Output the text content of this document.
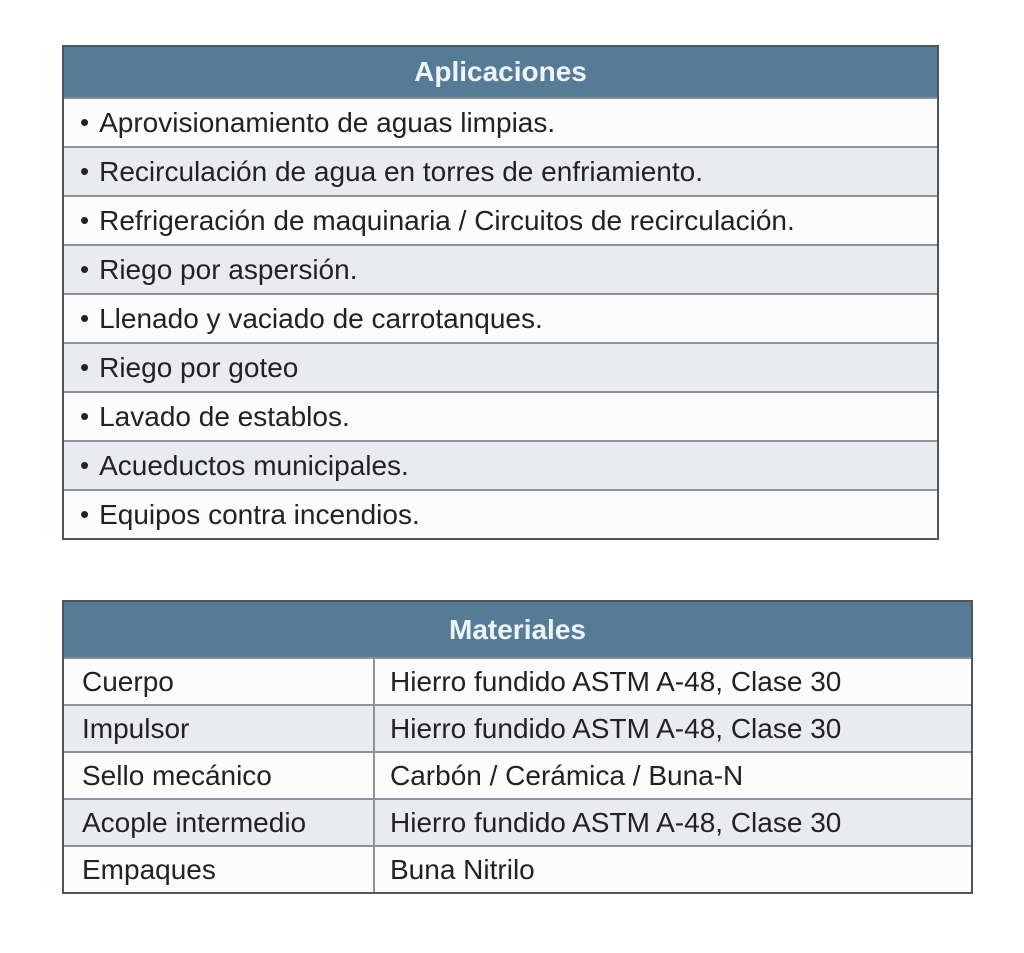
Aplicaciones
• Aprovisionamiento de aguas limpias.
• Recirculación de agua en torres de enfriamiento.
• Refrigeración de maquinaria / Circuitos de recirculación.
• Riego por aspersión.
• Llenado y vaciado de carrotanques.
• Riego por goteo
• Lavado de establos.
• Acueductos municipales.
• Equipos contra incendios.
Materiales
Cuerpo	Hierro fundido ASTM A-48, Clase 30
Impulsor	Hierro fundido ASTM A-48, Clase 30
Sello mecánico	Carbón / Cerámica / Buna-N
Acople intermedio	Hierro fundido ASTM A-48, Clase 30
Empaques	Buna Nitrilo
